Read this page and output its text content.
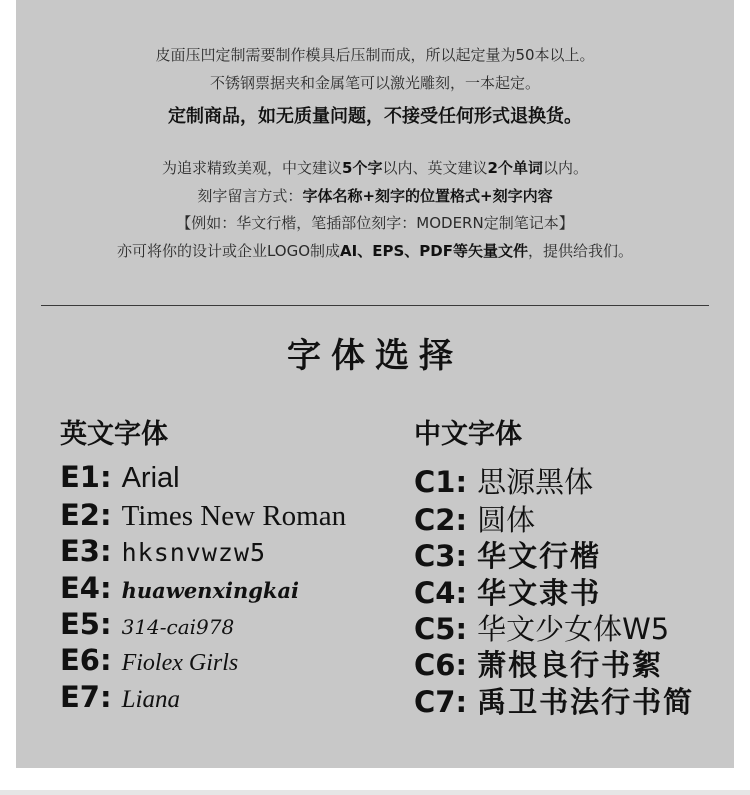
皮面压凹定制需要制作模具后压制而成，所以起定量为50本以上。
不锈钢票据夹和金属笔可以激光雕刻，一本起定。
定制商品，如无质量问题，不接受任何形式退换货。
为追求精致美观，中文建议5个字以内、英文建议2个单词以内。
刻字留言方式：字体名称+刻字的位置格式+刻字内容
【例如：华文行楷，笔插部位刻字：MODERN定制笔记本】
亦可将你的设计或企业LOGO制成AI、EPS、PDF等矢量文件，提供给我们。
字体选择
英文字体	中文字体
E1: Arial
E2: Times New Roman
E3: hksnvwzw5
E4: huawenxingkai
E5: 314-cai978
E6: Fiolex Girls
E7: Liana
C1: 思源黑体
C2: 圆体
C3: 华文行楷
C4: 华文隶书
C5: 华文少女体W5
C6: 萧根良行书絮
C7: 禹卫书法行书简
